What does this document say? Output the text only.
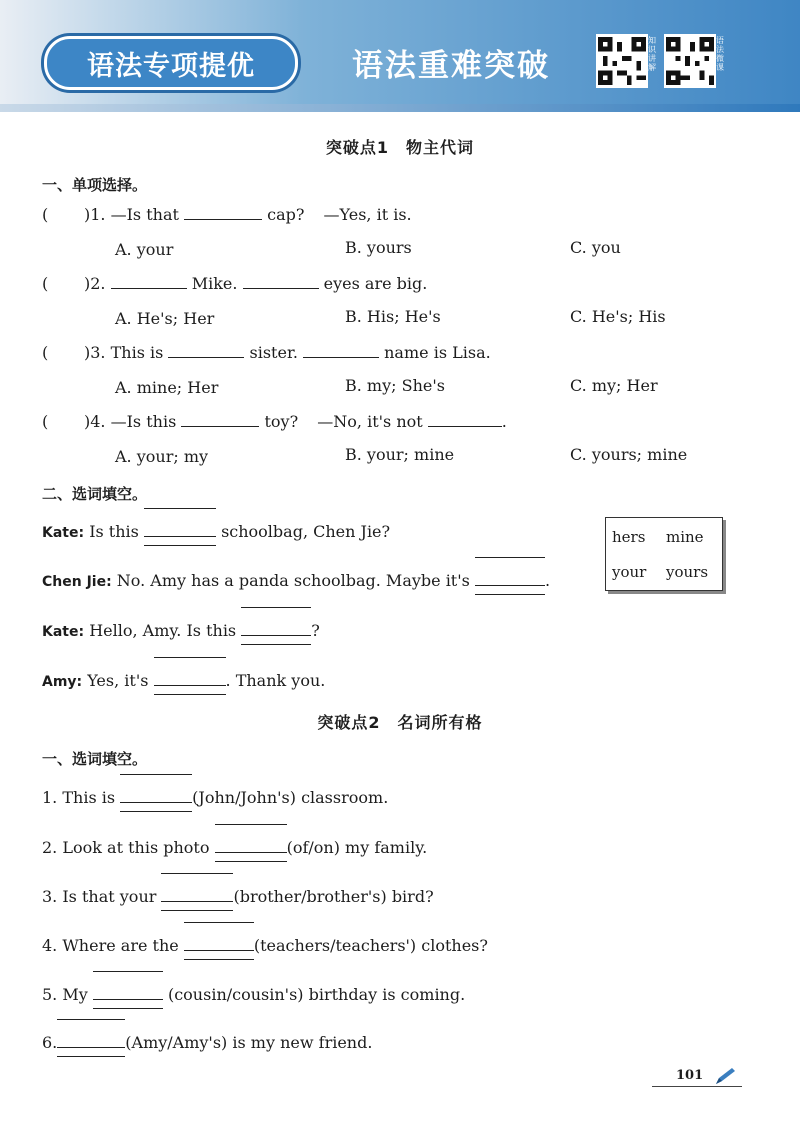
语法专项提优	语法重难突破
知识讲解
语法微课
突破点1　物主代词
一、单项选择。
( )1. —Is that	cap? —Yes, it is.
A. your	B. yours	C. you
( )2.	Mike.	eyes are big.
A. He's; Her	B. His; He's	C. He's; His
( )3. This is	sister.	name is Lisa.
A. mine; Her	B. my; She's	C. my; Her
( )4. —Is this	toy? —No, it's not	.
A. your; my	B. your; mine	C. yours; mine
二、选词填空。
Kate: Is this	schoolbag, Chen Jie?
Chen Jie: No. Amy has a panda schoolbag. Maybe it's	.
Kate: Hello, Amy. Is this	?
Amy: Yes, it's	. Thank you.
hers mine
your yours
突破点2　名词所有格
一、选词填空。
1. This is	(John/John's) classroom.
2. Look at this photo	(of/on) my family.
3. Is that your	(brother/brother's) bird?
4. Where are the	(teachers/teachers') clothes?
5. My	(cousin/cousin's) birthday is coming.
6.	(Amy/Amy's) is my new friend.
101
